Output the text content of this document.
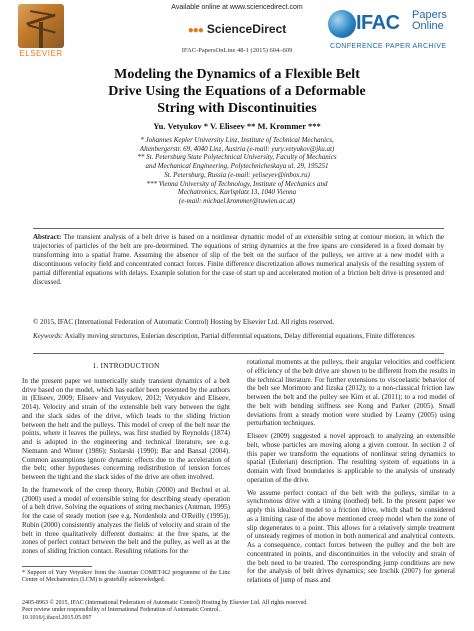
ELSEVIER
Available online at www.sciencedirect.com
●●● ScienceDirect
IFAC-PapersOnLine 48-1 (2015) 604–609
IFAC Papers
Online
CONFERENCE PAPER ARCHIVE
Modeling the Dynamics of a Flexible Belt
Drive Using the Equations of a Deformable
String with Discontinuities
Yu. Vetyukov * V. Eliseev ** M. Krommer ***
* Johannes Kepler University Linz, Institute of Technical Mechanics,
Altenbergerstr. 69, 4040 Linz, Austria (e-mail: yury.vetyukov@jku.at)
** St. Petersburg State Polytechnical University, Faculty of Mechanics
and Mechanical Engineering, Polytechnicheskaya ul. 29, 195251
St. Petersburg, Russia (e-mail: yeliseyev@inbox.ru)
*** Vienna University of Technology, Institute of Mechanics and
Mechatronics, Karlsplatz 13, 1040 Vienna
(e-mail: michael.krommer@tuwien.ac.at)
Abstract: The transient analysis of a belt drive is based on a nonlinear dynamic model of an extensible string at contour motion, in which the trajectories of particles of the belt are pre-determined. The equations of string dynamics at the free spans are considered in a fixed domain by transforming into a spatial frame. Assuming the absence of slip of the belt on the surface of the pulleys, we arrive at a new model with a discontinuous velocity field and concentrated contact forces. Finite difference discretization allows numerical analysis of the resulting system of partial differential equations with delays. Example solution for the case of start up and accelerated motion of a friction belt drive is presented and discussed.
© 2015, IFAC (International Federation of Automatic Control) Hosting by Elsevier Ltd. All rights reserved.
Keywords: Axially moving structures, Eulerian description, Partial differential equations, Delay differential equations, Finite differences
1. INTRODUCTION

In the present paper we numerically study transient dynamics of a belt drive based on the model, which has earlier been presented by the authors in (Eliseev, 2009; Eliseev and Vetyukov, 2012; Vetyukov and Eliseev, 2014). Velocity and strain of the extensible belt vary between the tight and the slack sides of the drive, which leads to the sliding friction between the belt and the pulleys. This model of creep of the belt near the points, where it leaves the pulleys, was first studied by Reynolds (1874) and is adopted in the engineering and technical literature, see e.g. Niemann and Winter (1986); Stolarski (1990); Bar and Bansal (2004). Common assumptions ignore dynamic effects due to the acceleration of the belt; other hypotheses concerning redistribution of tension forces between the tight and the slack sides of the drive are often involved.

In the framework of the creep theory, Rubin (2000) and Bechtel et al. (2000) used a model of extensible string for describing steady operation of a belt drive. Solving the equations of string mechanics (Antman, 1995) for the case of steady motion (see e.g. Nordenholz and O'Reilly (1995)), Rubin (2000) consistently analyzes the fields of velocity and strain of the belt in three qualitatively different domains: at the free spans, at the zones of perfect contact between the belt and the pulley, as well as at the zones of sliding friction contact. Resulting relations for the

rotational moments at the pulleys, their angular velocities and coefficient of efficiency of the belt drive are shown to be different from the results in the technical literature. For further extensions to viscoelastic behavior of the belt see Morimoto and Iizuka (2012); to a non-classical friction law between the belt and the pulley see Kim et al. (2011); to a rod model of the belt with bending stiffness see Kong and Parker (2005). Small deviations from a steady motion were studied by Leamy (2005) using perturbation techniques.

Eliseev (2009) suggested a novel approach to analyzing an extensible belt, whose particles are moving along a given contour. In section 2 of this paper we transform the equations of nonlinear string dynamics to spatial (Eulerian) description. The resulting system of equations in a domain with fixed boundaries is applicable to the analysis of unsteady operation of the drive.

We assume perfect contact of the belt with the pulleys, similar to a synchronous drive with a timing (toothed) belt. In the present paper we apply this idealized model to a friction drive, which shall be considered as a limiting case of the above mentioned creep model when the zone of slip degenerates to a point. This allows for a relatively simple treatment of unsteady regimes of motion in both numerical and analytical contexts. As a consequence, contact forces between the pulley and the belt are concentrated in points, and discontinuities in the velocity and strain of the belt need to be treated. The corresponding jump conditions are new for the analysis of belt drives dynamics; see Irschik (2007) for general relations of jump of mass and

* Support of Yury Vetyukov from the Austrian COMET-K2 programme of the Linz Center of Mechatronics (LCM) is gratefully acknowledged.
2405-8963 © 2015, IFAC (International Federation of Automatic Control) Hosting by Elsevier Ltd. All rights reserved.
Peer review under responsibility of International Federation of Automatic Control.
10.1016/j.ifacol.2015.05.097
